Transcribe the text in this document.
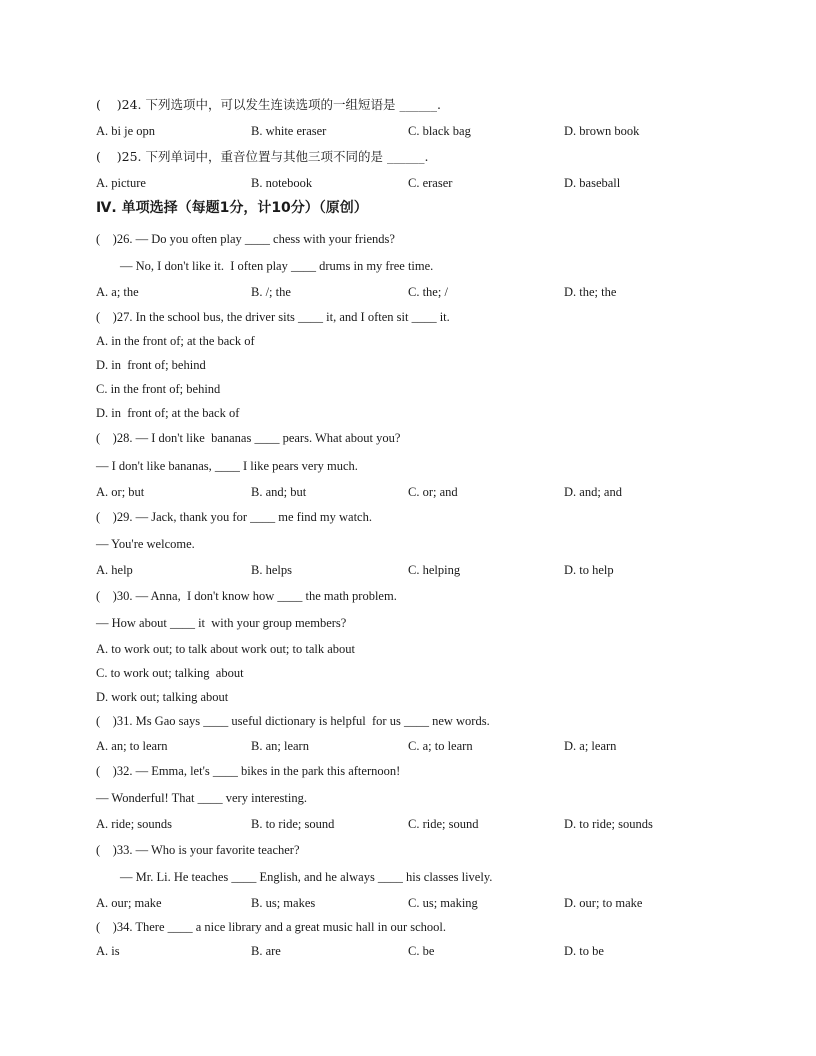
(    )24. 下列选项中，可以发生连读选项的一组短语是 ______.
A. bi je opn	B. white eraser	C. black bag	D. brown book
(    )25. 下列单词中，重音位置与其他三项不同的是 ______.
A. picture	B. notebook	C. eraser	D. baseball
Ⅳ. 单项选择（每题1分，计10分）（原创）
(    )26. — Do you often play ____ chess with your friends?
— No, I don't like it.  I often play ____ drums in my free time.
A. a; the	B. /; the	C. the; /	D. the; the
(    )27. In the school bus, the driver sits ____ it, and I often sit ____ it.
A. in the front of; at the back of
D. in  front of; behind
C. in the front of; behind
D. in  front of; at the back of
(    )28. — I don't like  bananas ____ pears. What about you?
— I don't like bananas, ____ I like pears very much.
A. or; but	B. and; but	C. or; and	D. and; and
(    )29. — Jack, thank you for ____ me find my watch.
— You're welcome.
A. help	B. helps	C. helping	D. to help
(    )30. — Anna,  I don't know how ____ the math problem.
— How about ____ it  with your group members?
A. to work out; to talk about work out; to talk about
C. to work out; talking  about
D. work out; talking about
(    )31. Ms Gao says ____ useful dictionary is helpful  for us ____ new words.
A. an; to learn	B. an; learn	C. a; to learn	D. a; learn
(    )32. — Emma, let's ____ bikes in the park this afternoon!
— Wonderful! That ____ very interesting.
A. ride; sounds	B. to ride; sound	C. ride; sound	D. to ride; sounds
(    )33. — Who is your favorite teacher?
— Mr. Li. He teaches ____ English, and he always ____ his classes lively.
A. our; make	B. us; makes	C. us; making	D. our; to make
(    )34. There ____ a nice library and a great music hall in our school.
A. is	B. are	C. be	D. to be
